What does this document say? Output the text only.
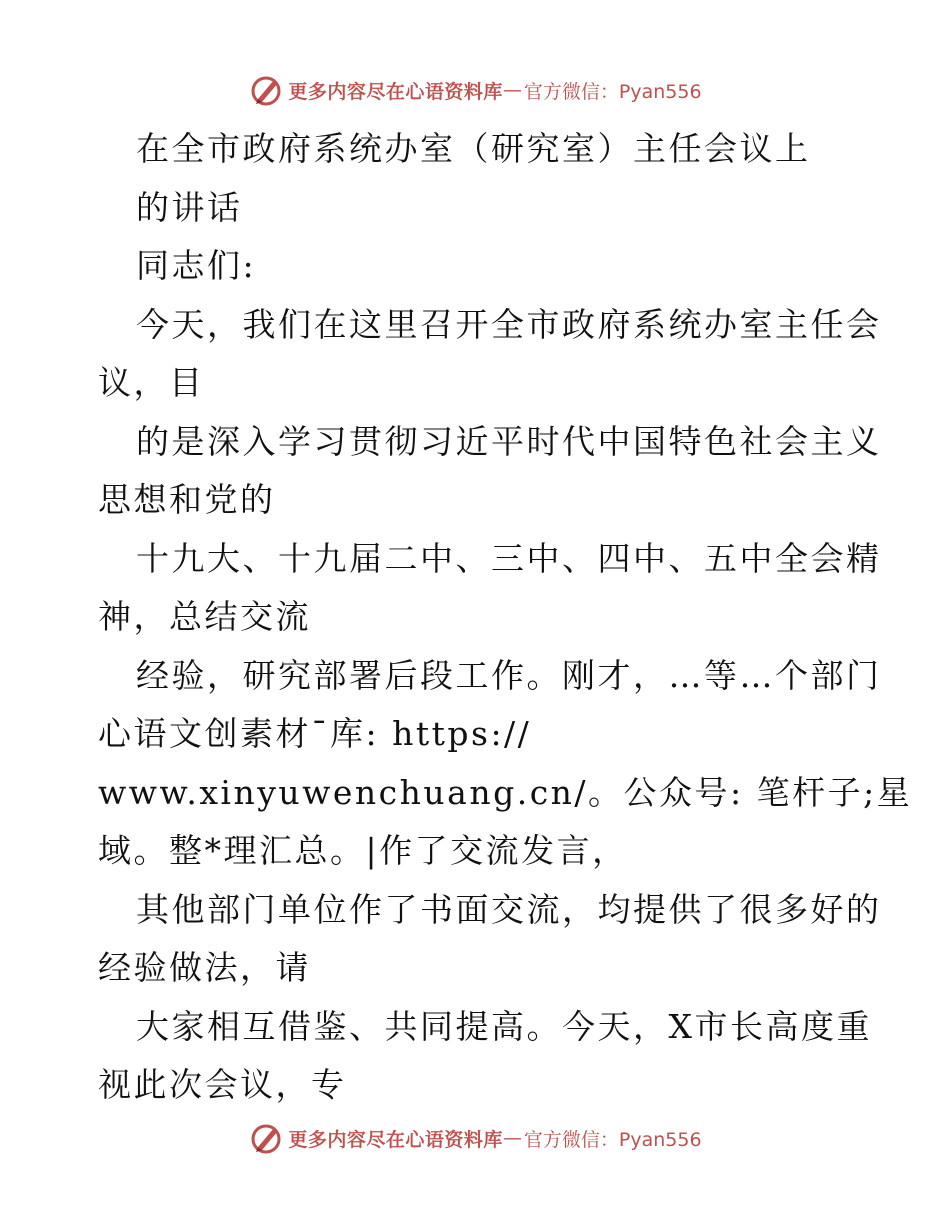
更多内容尽在心语资料库 — 官方微信：Pyan556
在全市政府系统办室（研究室）主任会议上
的讲话
同志们:
今天，我们在这里召开全市政府系统办室主任会
议，目
的是深入学习贯彻习近平时代中国特色社会主义
思想和党的
十九大、十九届二中、三中、四中、五中全会精
神，总结交流
经验，研究部署后段工作。刚才，…等…个部门
心语文创素材¯库: https://
www.xinyuwenchuang.cn/。公众号: 笔杆子;星
域。整*理汇总。|作了交流发言，
其他部门单位作了书面交流，均提供了很多好的
经验做法，请
大家相互借鉴、共同提高。今天，X市长高度重
视此次会议，专
更多内容尽在心语资料库 — 官方微信：Pyan556
